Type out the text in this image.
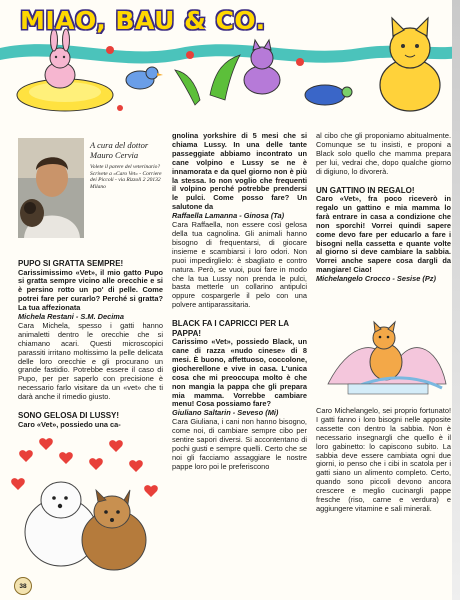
MIAO, BAU & CO.
A cura del dottor Mauro Cervia
Volete il parere del veterinario? Scrivete a «Caro Vet» - Corriere dei Piccoli - via Rizzoli 2 20132 Milano
PUPO SI GRATTA SEMPRE!

Carissimissimo «Vet», il mio gatto Pupo si gratta sempre vicino alle orecchie e si è persino rotto un po' di pelle. Come potrei fare per curarlo? Perché si gratta? La tua affezionata

Michela Restani - S.M. Decima

Cara Michela, spesso i gatti hanno animaletti dentro le orecchie che si chiamano acari. Questi microscopici parassiti irritano moltissimo la pelle delicata delle loro orecchie e gli procurano un grande fastidio. Potrebbe essere il caso di Pupo, per per saperlo con precisione è necessario farlo visitare da un «vet» che ti darà anche il rimedio giusto.

SONO GELOSA DI LUSSY!

Caro «Vet», possiedo una ca-

gnolina yorkshire di 5 mesi che si chiama Lussy. In una delle tante passeggiate abbiamo incontrato un cane volpino e Lussy se ne è innamorata e da quel giorno non è più la stessa. Io non voglio che frequenti il volpino perché potrebbe prendersi le pulci. Come posso fare? Un salutone da

Raffaella Lamanna - Ginosa (Ta)

Cara Raffaella, non essere così gelosa della tua cagnolina. Gli animali hanno bisogno di frequentarsi, di giocare insieme e scambiarsi i loro odori. Non puoi impedirglielo: è sbagliato e contro natura. Però, se vuoi, puoi fare in modo che la tua Lussy non prenda le pulci, basta metterle un collarino antipulci oppure cospargerle il pelo con una polvere antiparassitaria.

BLACK FA I CAPRICCI PER LA PAPPA!

Carissimo «Vet», possiedo Black, un cane di razza «nudo cinese» di 8 mesi. È buono, affettuoso, coccolone, giocherellone e vive in casa. L'unica cosa che mi preoccupa molto è che non mangia la pappa che gli prepara mia mamma. Vorrebbe cambiare menu! Cosa possiamo fare?

Giuliano Saltarin - Seveso (Mi)

Cara Giuliana, i cani non hanno bisogno, come noi, di cambiare sempre cibo per sentire sapori diversi. Si accontentano di pochi gusti e sempre quelli. Certo che se noi gli facciamo assaggiare le nostre pappe loro poi le preferiscono

al cibo che gli proponiamo abitualmente. Comunque se tu insisti, e proponi a Black solo quello che mamma prepara per lui, vedrai che, dopo qualche giorno di digiuno, lo divorerà.

UN GATTINO IN REGALO!

Caro «Vet», fra poco riceverò in regalo un gattino e mia mamma lo farà entrare in casa a condizione che non sporchi! Vorrei quindi sapere come devo fare per educarlo a fare i bisogni nella cassetta e quante volte al giorno si deve cambiare la sabbia. Vorrei anche sapere cosa dargli da mangiare! Ciao!

Michelangelo Crocco - Sesise (Pz)

Caro Michelangelo, sei proprio fortunato! I gatti fanno i loro bisogni nelle apposite cassette con dentro la sabbia. Non è necessario insegnargli che quello è il loro gabinetto: lo capiscono subito. La sabbia deve essere cambiata ogni due giorni, io penso che i cibi in scatola per i gatti siano un alimento completo. Certo, quando sono piccoli devono ancora crescere e meglio cucinargli pappe fresche (riso, carne e verdura) e aggiungere vitamine e sali minerali.

38
